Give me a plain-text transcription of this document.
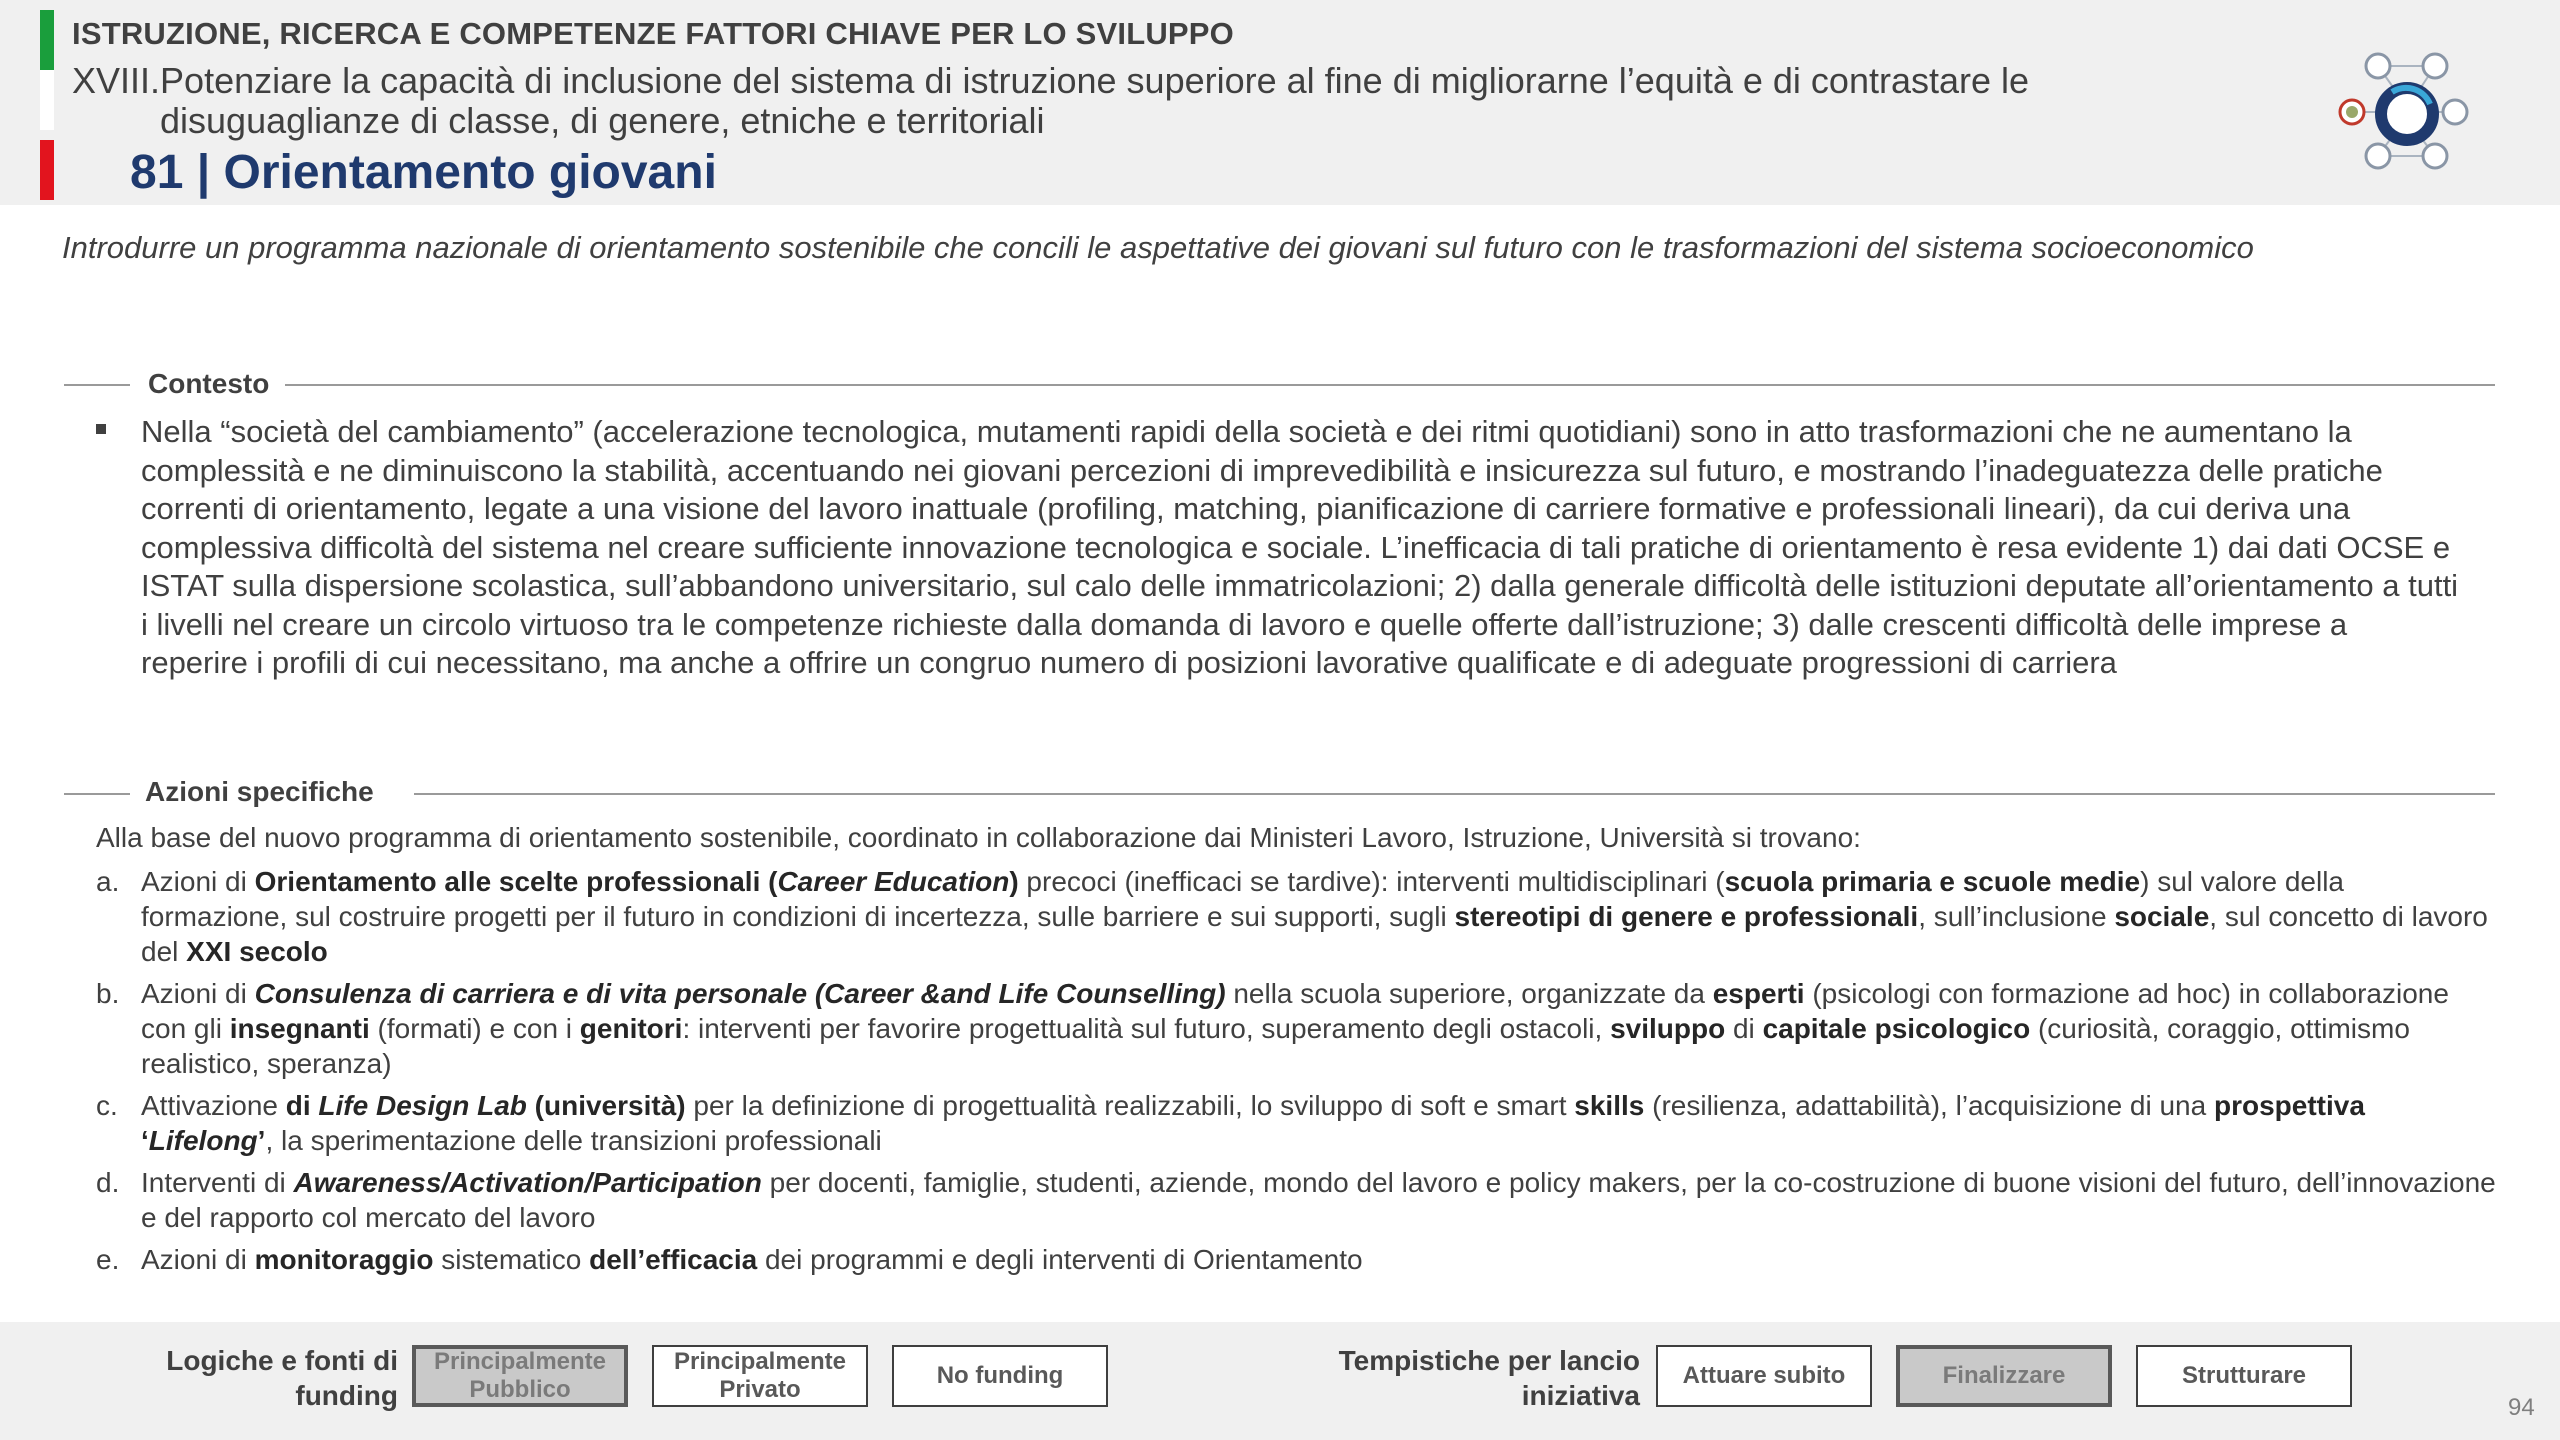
ISTRUZIONE, RICERCA E COMPETENZE FATTORI CHIAVE PER LO SVILUPPO
XVIII.Potenziare la capacità di inclusione del sistema di istruzione superiore al fine di migliorarne l’equità e di contrastare le
disuguaglianze di classe, di genere, etniche e territoriali
81 | Orientamento giovani
Introdurre un programma nazionale di orientamento sostenibile che concili le aspettative dei giovani sul futuro con le trasformazioni del sistema socioeconomico
Contesto

Nella “società del cambiamento” (accelerazione tecnologica, mutamenti rapidi della società e dei ritmi quotidiani) sono in atto trasformazioni che ne aumentano la complessità e ne diminuiscono la stabilità, accentuando nei giovani percezioni di imprevedibilità e insicurezza sul futuro, e mostrando l’inadeguatezza delle pratiche correnti di orientamento, legate a una visione del lavoro inattuale (profiling, matching, pianificazione di carriere formative e professionali lineari), da cui deriva una complessiva difficoltà del sistema nel creare sufficiente innovazione tecnologica e sociale. L’inefficacia di tali pratiche di orientamento è resa evidente 1) dai dati OCSE e ISTAT sulla dispersione scolastica, sull’abbandono universitario, sul calo delle immatricolazioni; 2) dalla generale difficoltà delle istituzioni deputate all’orientamento a tutti i livelli nel creare un circolo virtuoso tra le competenze richieste dalla domanda di lavoro e quelle offerte dall’istruzione; 3) dalle crescenti difficoltà delle imprese a reperire i profili di cui necessitano, ma anche a offrire un congruo numero di posizioni lavorative qualificate e di adeguate progressioni di carriera

Azioni specifiche
Alla base del nuovo programma di orientamento sostenibile, coordinato in collaborazione dai Ministeri Lavoro, Istruzione, Università si trovano:
a. Azioni di Orientamento alle scelte professionali (Career Education) precoci (inefficaci se tardive): interventi multidisciplinari (scuola primaria e scuole medie) sul valore della formazione, sul costruire progetti per il futuro in condizioni di incertezza, sulle barriere e sui supporti, sugli stereotipi di genere e professionali, sull’inclusione sociale, sul concetto di lavoro del XXI secolo
b. Azioni di Consulenza di carriera e di vita personale (Career &and Life Counselling) nella scuola superiore, organizzate da esperti (psicologi con formazione ad hoc) in collaborazione con gli insegnanti (formati) e con i genitori: interventi per favorire progettualità sul futuro, superamento degli ostacoli, sviluppo di capitale psicologico (curiosità, coraggio, ottimismo realistico, speranza)
c. Attivazione di Life Design Lab (università) per la definizione di progettualità realizzabili, lo sviluppo di soft e smart skills (resilienza, adattabilità), l’acquisizione di una prospettiva ‘Lifelong’, la sperimentazione delle transizioni professionali
d. Interventi di Awareness/Activation/Participation per docenti, famiglie, studenti, aziende, mondo del lavoro e policy makers, per la co-costruzione di buone visioni del futuro, dell’innovazione e del rapporto col mercato del lavoro
e. Azioni di monitoraggio sistematico dell’efficacia dei programmi e degli interventi di Orientamento
Logiche e fonti di
funding
Principalmente
Pubblico
Principalmente
Privato
No funding	Tempistiche per lancio
iniziativa
Attuare subito	Finalizzare	Strutturare
94
